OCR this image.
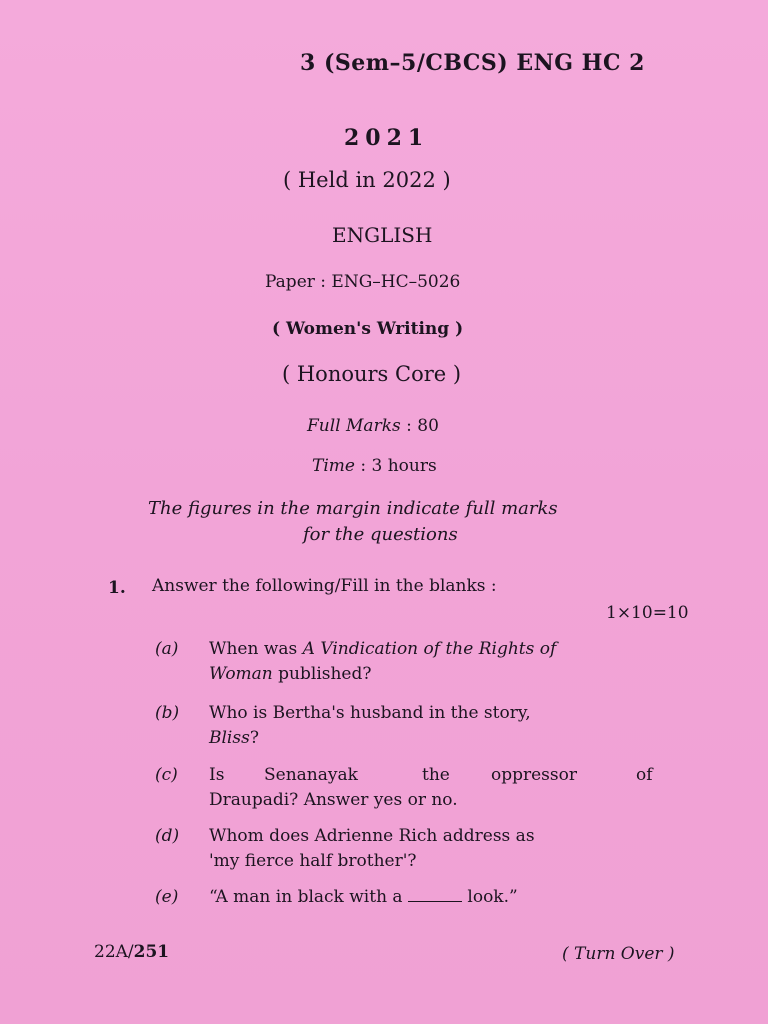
3 (Sem–5/CBCS) ENG HC 2
2021
( Held in 2022 )
ENGLISH
Paper : ENG–HC–5026
( Women's Writing )
( Honours Core )
Full Marks : 80
Time : 3 hours
The figures in the margin indicate full marks
for the questions
1. Answer the following/Fill in the blanks :
1×10=10
(a) When was A Vindication of the Rights of
Woman published?
(b) Who is Bertha's husband in the story,
Bliss?
(c) Is Senanayak	the oppressor	of
Draupadi? Answer yes or no.
(d) Whom does Adrienne Rich address as
'my fierce half brother'?
(e) “A man in black with a	look.”
22A/251	( Turn Over )
